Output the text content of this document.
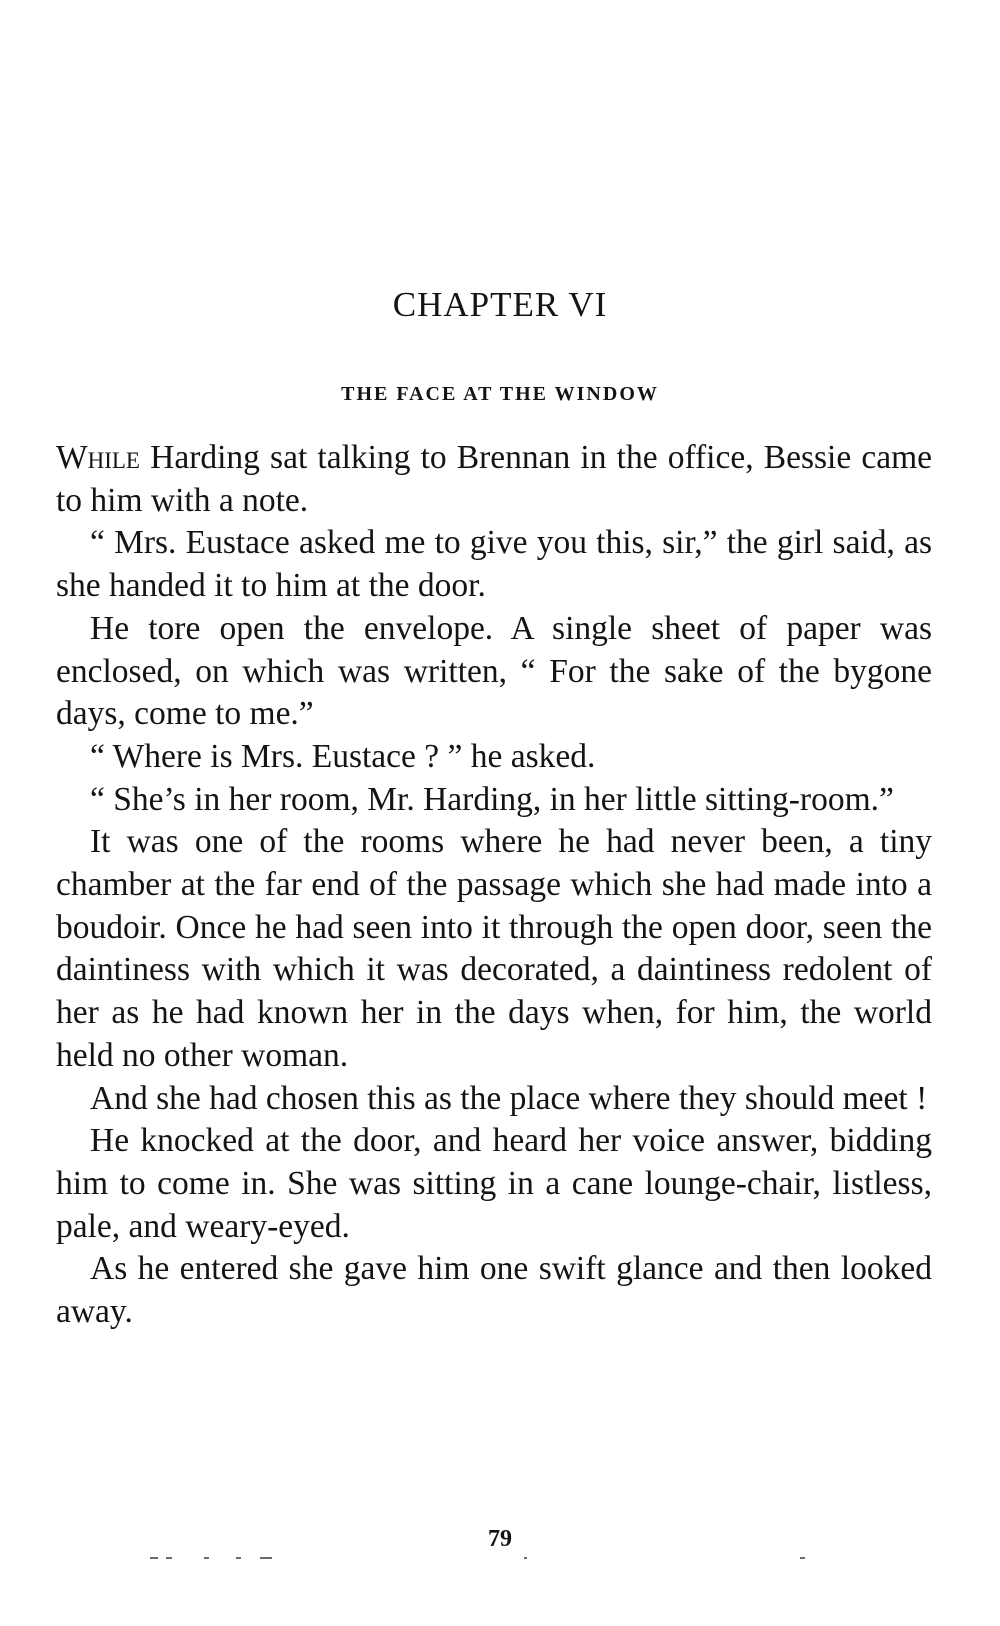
CHAPTER VI
THE FACE AT THE WINDOW

While Harding sat talking to Brennan in the office, Bessie came to him with a note.

“ Mrs. Eustace asked me to give you this, sir,” the girl said, as she handed it to him at the door.

He tore open the envelope. A single sheet of paper was enclosed, on which was written, “ For the sake of the bygone days, come to me.”

“ Where is Mrs. Eustace ? ” he asked.

“ She’s in her room, Mr. Harding, in her little sitting-room.”

It was one of the rooms where he had never been, a tiny chamber at the far end of the passage which she had made into a boudoir. Once he had seen into it through the open door, seen the daintiness with which it was decorated, a daintiness redolent of her as he had known her in the days when, for him, the world held no other woman.

And she had chosen this as the place where they should meet !

He knocked at the door, and heard her voice answer, bidding him to come in. She was sitting in a cane lounge-chair, listless, pale, and weary-eyed.

As he entered she gave him one swift glance and then looked away.

79
